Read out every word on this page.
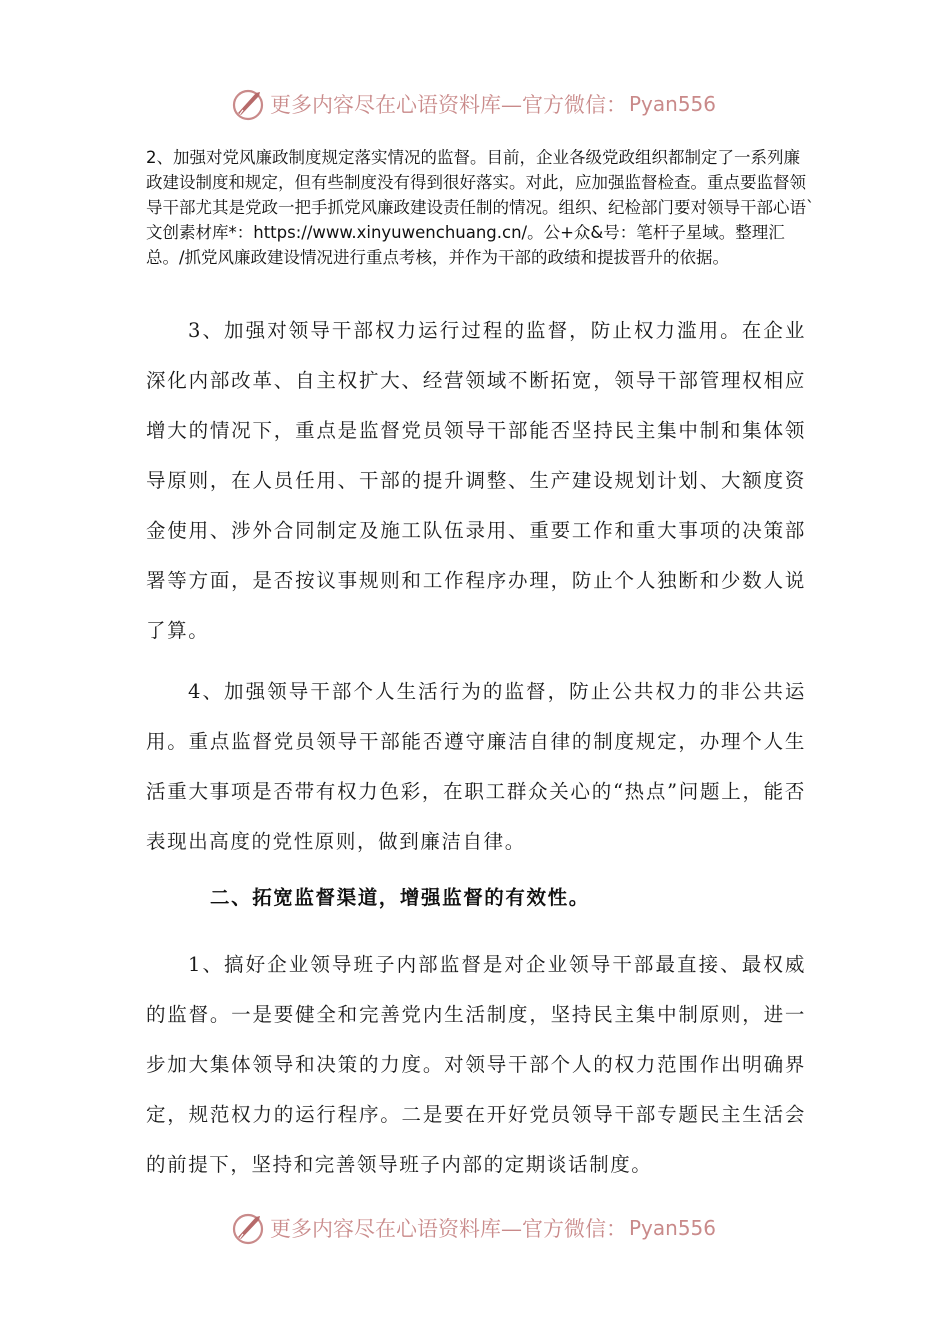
更多内容尽在心语资料库—官方微信： Pyan556
2、加强对党风廉政制度规定落实情况的监督。目前，企业各级党政组织都制定了一系列廉政建设制度和规定，但有些制度没有得到很好落实。对此，应加强监督检查。重点要监督领导干部尤其是党政一把手抓党风廉政建设责任制的情况。组织、纪检部门要对领导干部心语`文创素材库*：https://www.xinyuwenchuang.cn/。公+众&号：笔杆子星域。整理汇总。/抓党风廉政建设情况进行重点考核，并作为干部的政绩和提拔晋升的依据。
3、加强对领导干部权力运行过程的监督，防止权力滥用。在企业深化内部改革、自主权扩大、经营领域不断拓宽，领导干部管理权相应增大的情况下，重点是监督党员领导干部能否坚持民主集中制和集体领导原则，在人员任用、干部的提升调整、生产建设规划计划、大额度资金使用、涉外合同制定及施工队伍录用、重要工作和重大事项的决策部署等方面，是否按议事规则和工作程序办理，防止个人独断和少数人说了算。
4、加强领导干部个人生活行为的监督，防止公共权力的非公共运用。重点监督党员领导干部能否遵守廉洁自律的制度规定，办理个人生活重大事项是否带有权力色彩，在职工群众关心的“热点”问题上，能否表现出高度的党性原则，做到廉洁自律。
二、拓宽监督渠道，增强监督的有效性。
1、搞好企业领导班子内部监督是对企业领导干部最直接、最权威的监督。一是要健全和完善党内生活制度，坚持民主集中制原则，进一步加大集体领导和决策的力度。对领导干部个人的权力范围作出明确界定，规范权力的运行程序。二是要在开好党员领导干部专题民主生活会的前提下，坚持和完善领导班子内部的定期谈话制度。
更多内容尽在心语资料库—官方微信： Pyan556
